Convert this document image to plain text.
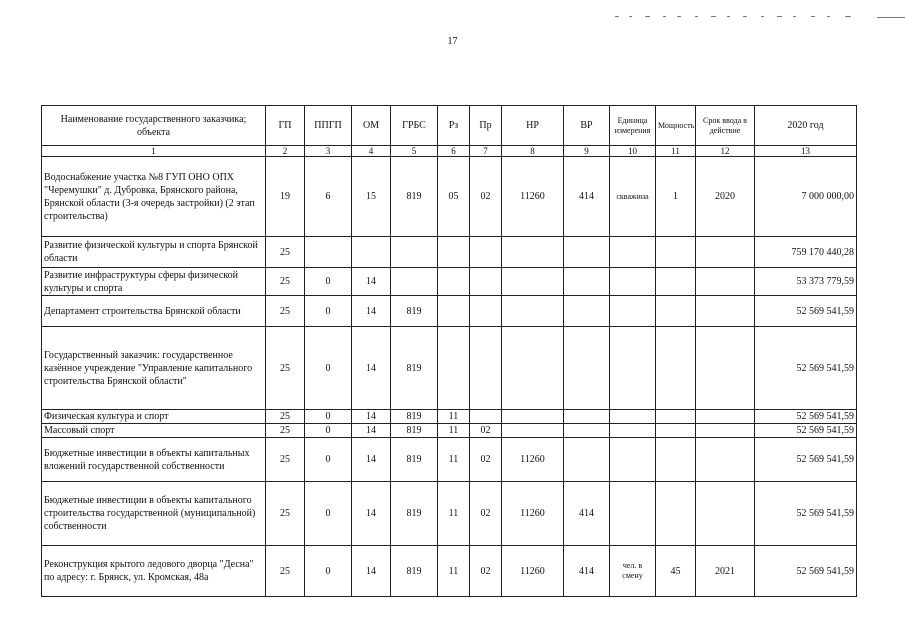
17
Наименование государственного заказчика; объекта	ГП	ППГП	ОМ	ГРБС	Рз	Пр	НР	ВР	Единица измерения	Мощность	Срок ввода в действие	2020 год
1	2	3	4	5	6	7	8	9	10	11	12	13
Водоснабжение участка №8 ГУП ОНО ОПХ "Черемушки" д. Дубровка, Брянского района, Брянской области (3-я очередь застройки) (2 этап строительства)	19	6	15	819	05	02	11260	414	скважина	1	2020	7 000 000,00
Развитие физической культуры и спорта Брянской области	25											759 170 440,28
Развитие инфраструктуры сферы физической культуры и спорта	25	0	14									53 373 779,59
Департамент строительства Брянской области	25	0	14	819								52 569 541,59
Государственный заказчик: государственное казённое учреждение "Управление капитального строительства Брянской области"	25	0	14	819								52 569 541,59
Физическая культура и спорт	25	0	14	819	11							52 569 541,59
Массовый спорт	25	0	14	819	11	02						52 569 541,59
Бюджетные инвестиции в объекты капитальных вложений государственной собственности	25	0	14	819	11	02	11260					52 569 541,59
Бюджетные инвестиции в объекты капитального строительства государственной (муниципальной) собственности	25	0	14	819	11	02	11260	414				52 569 541,59
Реконструкция крытого ледового дворца "Десна" по адресу: г. Брянск, ул. Кромская, 48а	25	0	14	819	11	02	11260	414	чел. в смену	45	2021	52 569 541,59
